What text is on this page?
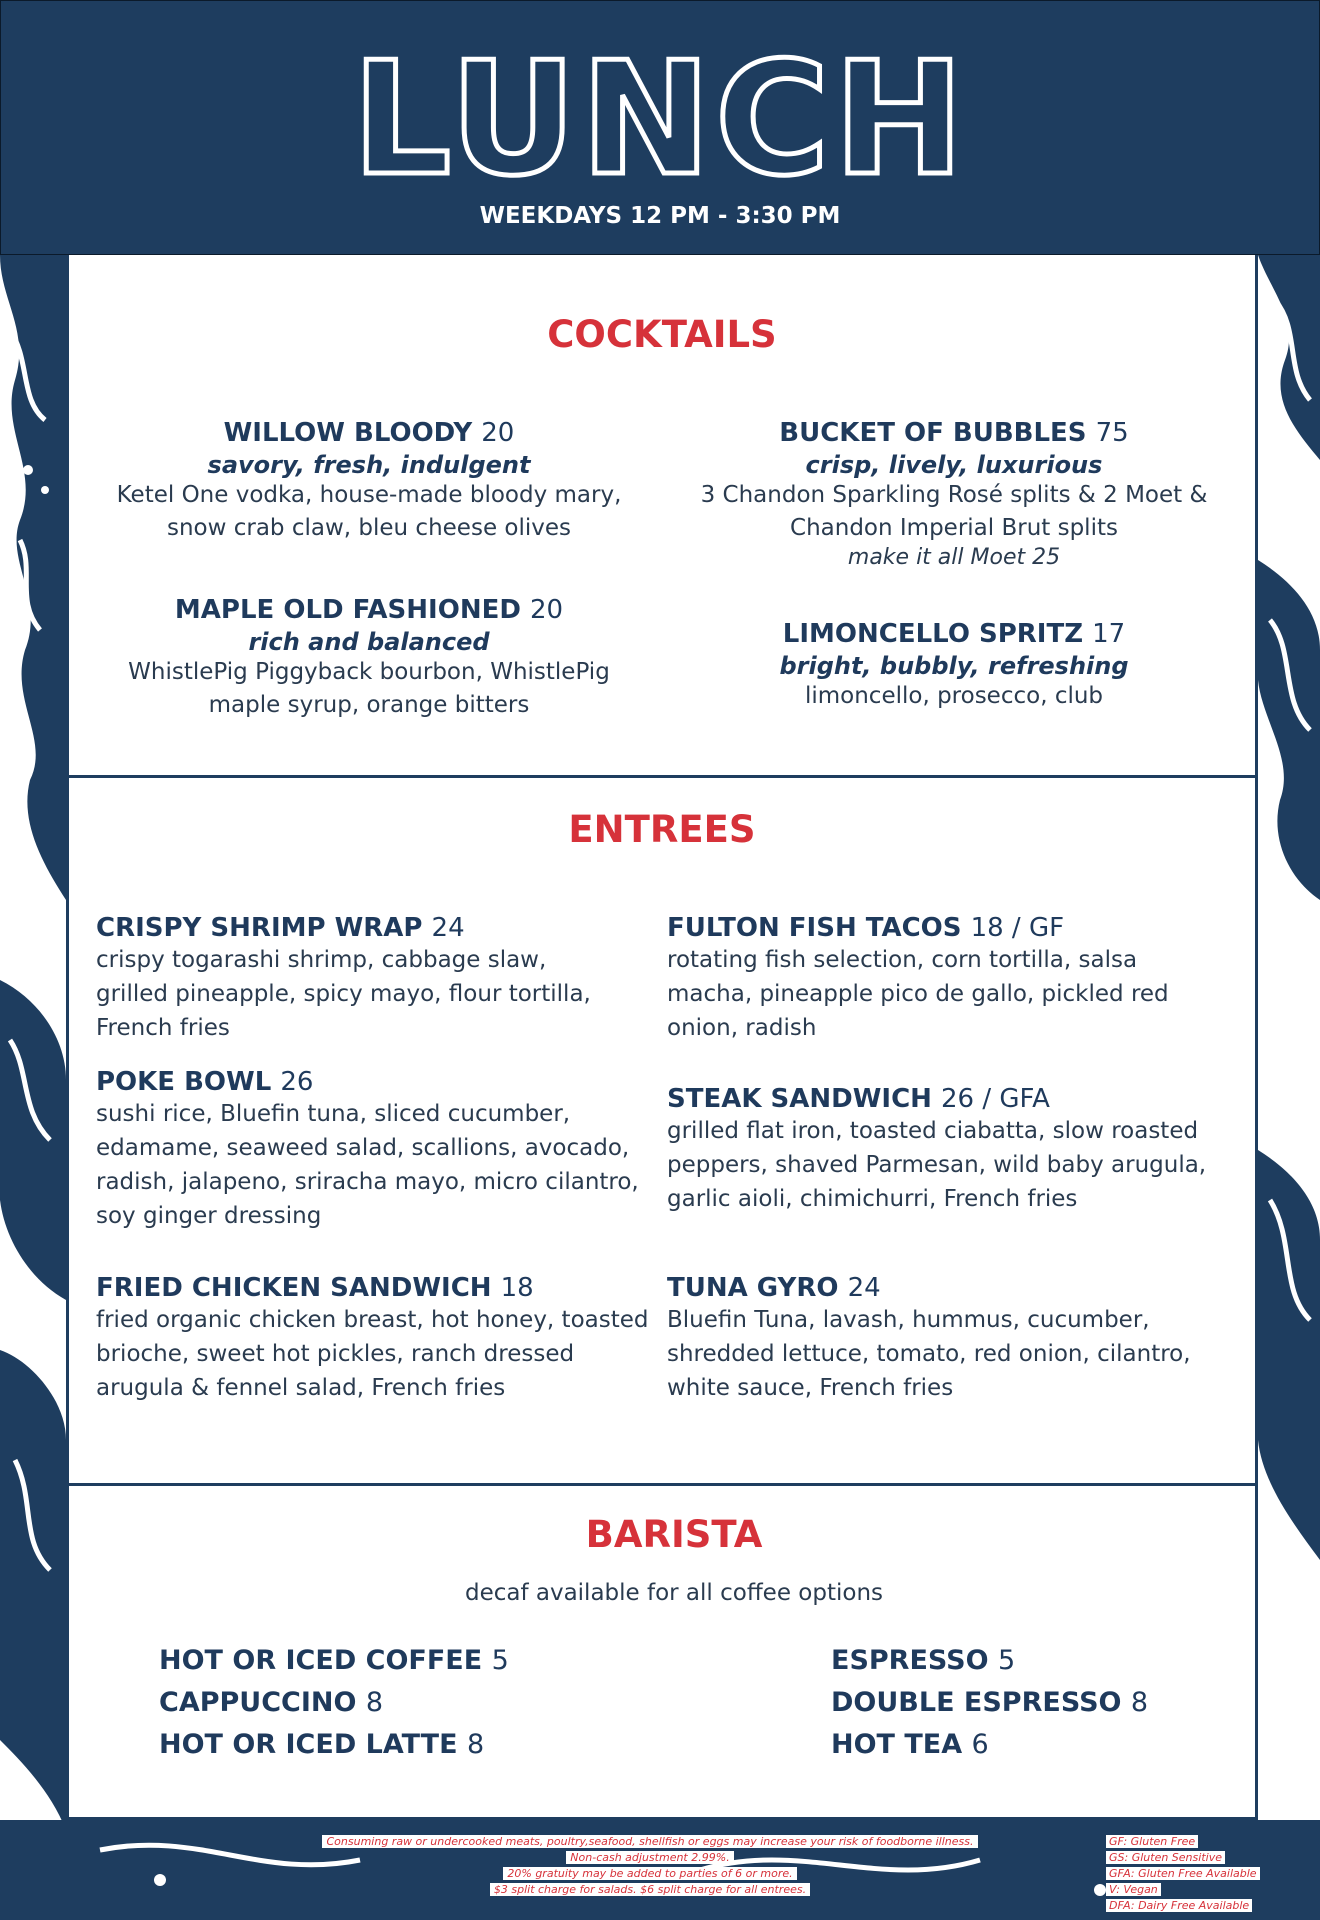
LUNCH
WEEKDAYS 12 PM - 3:30 PM
COCKTAILS
WILLOW BLOODY 20
savory, fresh, indulgent
Ketel One vodka, house-made bloody mary,
snow crab claw, bleu cheese olives
BUCKET OF BUBBLES 75
crisp, lively, luxurious
3 Chandon Sparkling Rosé splits & 2 Moet &
Chandon Imperial Brut splits
make it all Moet 25
MAPLE OLD FASHIONED 20
rich and balanced
WhistlePig Piggyback bourbon, WhistlePig
maple syrup, orange bitters
LIMONCELLO SPRITZ 17
bright, bubbly, refreshing
limoncello, prosecco, club
ENTREES
CRISPY SHRIMP WRAP 24
crispy togarashi shrimp, cabbage slaw,
grilled pineapple, spicy mayo, flour tortilla,
French fries
FULTON FISH TACOS 18 / GF
rotating fish selection, corn tortilla, salsa
macha, pineapple pico de gallo, pickled red
onion, radish
POKE BOWL 26
sushi rice, Bluefin tuna, sliced cucumber,
edamame, seaweed salad, scallions, avocado,
radish, jalapeno, sriracha mayo, micro cilantro,
soy ginger dressing
STEAK SANDWICH 26 / GFA
grilled flat iron, toasted ciabatta, slow roasted
peppers, shaved Parmesan, wild baby arugula,
garlic aioli, chimichurri, French fries
FRIED CHICKEN SANDWICH 18
fried organic chicken breast, hot honey, toasted
brioche, sweet hot pickles, ranch dressed
arugula & fennel salad, French fries
TUNA GYRO 24
Bluefin Tuna, lavash, hummus, cucumber,
shredded lettuce, tomato, red onion, cilantro,
white sauce, French fries
BARISTA
decaf available for all coffee options
HOT OR ICED COFFEE 5
CAPPUCCINO 8
HOT OR ICED LATTE 8
ESPRESSO 5
DOUBLE ESPRESSO 8
HOT TEA 6
Consuming raw or undercooked meats, poultry,seafood, shellfish or eggs may increase your risk of foodborne illness.
Non-cash adjustment 2.99%.
20% gratuity may be added to parties of 6 or more.
$3 split charge for salads. $6 split charge for all entrees.
GF: Gluten Free
GS: Gluten Sensitive
GFA: Gluten Free Available
V: Vegan
DFA: Dairy Free Available
